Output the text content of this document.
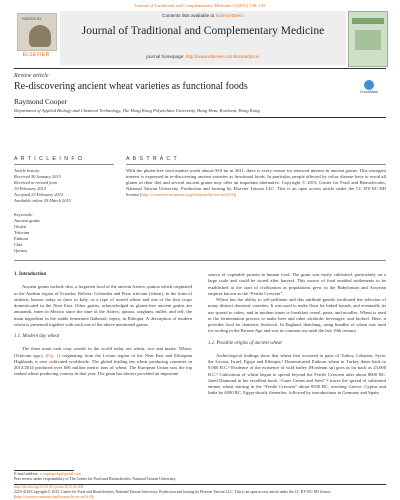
Journal of Traditional and Complementary Medicine 5 (2015) 138–143
HOSTED BY
ELSEVIER
Contents lists available at ScienceDirect
Journal of Traditional and Complementary Medicine
journal homepage: http://www.elsevier.com/locate/jtcme
Review article
Re-discovering ancient wheat varieties as functional foods	CrossMark
Raymond Cooper
Department of Applied Biology and Chemical Technology, The Hong Kong Polytechnic University, Hung Hom, Kowloon, Hong Kong
A R T I C L E I N F O	A B S T R A C T
Article history:
Received 30 January 2015
Received in revised form
10 February 2015
Accepted 23 February 2015
Available online 29 March 2015
Keywords:
Ancient grains
Gluten
Triticum
Einkorn
Chia
Quinoa
With the gluten-free food market worth almost $10 bn in 2011, there is every reason for renewed interest in ancient grains. This resurgent interest is expressed in re-discovering ancient varieties as functional foods. In particular, people affected by celiac disease have to avoid all gluten in their diet and several ancient grains may offer an important alternative. Copyright © 2015, Center for Food and Biomolecules, National Taiwan University. Production and hosting by Elsevier Taiwan LLC. This is an open access article under the CC BY-NC-ND license (http://creativecommons.org/licenses/by-nc-nd/4.0/).
1. Introduction

Ancient grains include chia, a forgotten food of the ancient Aztecs; quinoa which originated in the Andean region of Ecuador, Bolivia, Colombia and Peru; triticum (wheat), in the form of einkorn, known today as farro in Italy, as a type of awned wheat and one of the first crops domesticated in the Near East. Other grains, acknowledged as gluten-free ancient grains are amaranth, eaten in Mexico since the time of the Aztecs; quinoa, sorghum, millet; and teff, the main ingredient in the stable fermented flatbread, injera, in Ethiopia. A description of modern wheat is presented together with each one of the above mentioned grains.

1.1. Modern day wheat

The three main cash crop cereals in the world today are wheat, rice and maize. Wheat, (Triticum spp.), (Fig. 1) originating from the Levant region of the Near East and Ethiopian Highlands is now cultivated worldwide. The global leading ten wheat producing countries in 2013/2014 produced over 606 million metric tons of wheat. The European Union was the top ranked wheat producing country in that year. The grain has always provided an important

source of vegetable protein in human food. The grain was easily cultivated, particularly on a large scale and could be stored after harvest. This source of food enabled settlements to be established at the start of civilization as populations grew in the Babylonian and Assyrian empires known as the “Fertile Crescent”.

Wheat has the ability to self-pollinate and this attribute greatly facilitated the selection of many distinct domestic varieties. It was used to make flour for baked breads, and eventually its use spread to cakes, and in modern times to breakfast cereal, pasta, and noodles. Wheat is used in the fermentation process to make beer and other alcoholic beverages; and biofuel. Here, it provides food for domestic livestock. In England, thatching, using bundles of wheat was used for roofing in the Bronze Age and was in common use until the late 19th century.

1.2. Possible origins of ancient wheat

Archeological findings show that wheat first occurred in parts of Turkey, Lebanon, Syria, the Levant, Israel, Egypt and Ethiopia.¹ Domesticated Einkorn wheat in Turkey dates back to 9,000 B.C.² Evidence of the existence of wild barley (Hordeum sp) goes as far back as 23,000 B.C.³ Cultivation of wheat began to spread beyond the Fertile Crescent after about 8000 BC. Jared Diamond in his excellent book, “Guns Germs and Steel”,⁴ traces the spread of cultivated emmer wheat starting in the “Fertile Crescent” about 8500 BC, reaching Greece, Cyprus and India by 6500 BC, Egypt shortly thereafter, followed by introductions in Germany and Spain

E-mail address: rcoopergroup@gmail.com
Peer review under responsibility of The Center for Food and Biomolecules, National Taiwan University.
http://dx.doi.org/10.1016/j.jtcme.2015.02.004
2225-4110/Copyright © 2015, Center for Food and Biomolecules, National Taiwan University. Production and hosting by Elsevier Taiwan LLC. This is an open access article under the CC BY-NC-ND license (http://creativecommons.org/licenses/by-nc-nd/4.0/).
